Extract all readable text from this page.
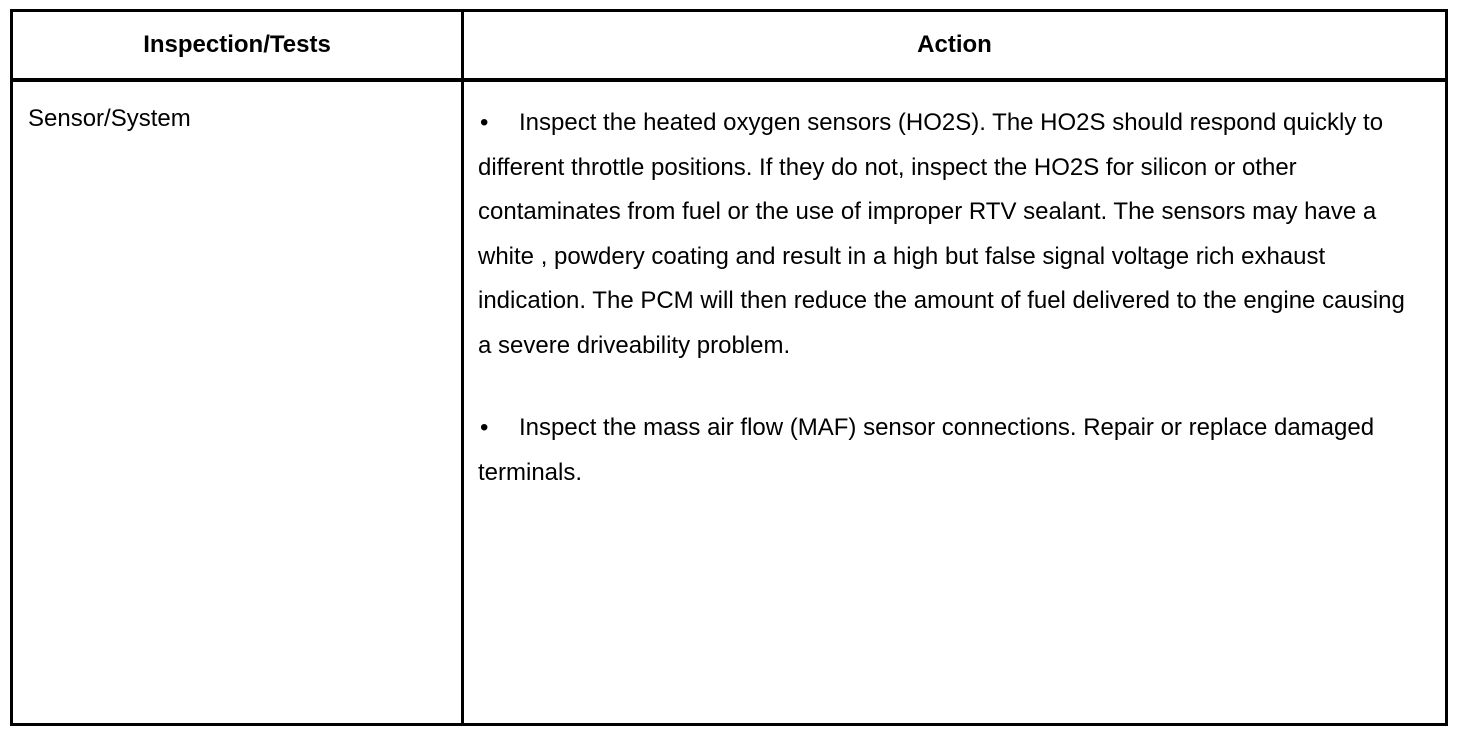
Inspection/Tests	Action
Sensor/System	• Inspect the heated oxygen sensors (HO2S). The HO2S should respond quickly to different throttle positions. If they do not, inspect the HO2S for silicon or other contaminates from fuel or the use of improper RTV sealant. The sensors may have a white , powdery coating and result in a high but false signal voltage rich exhaust indication. The PCM will then reduce the amount of fuel delivered to the engine causing a severe driveability problem.

• Inspect the mass air flow (MAF) sensor connections. Repair or replace damaged terminals.
